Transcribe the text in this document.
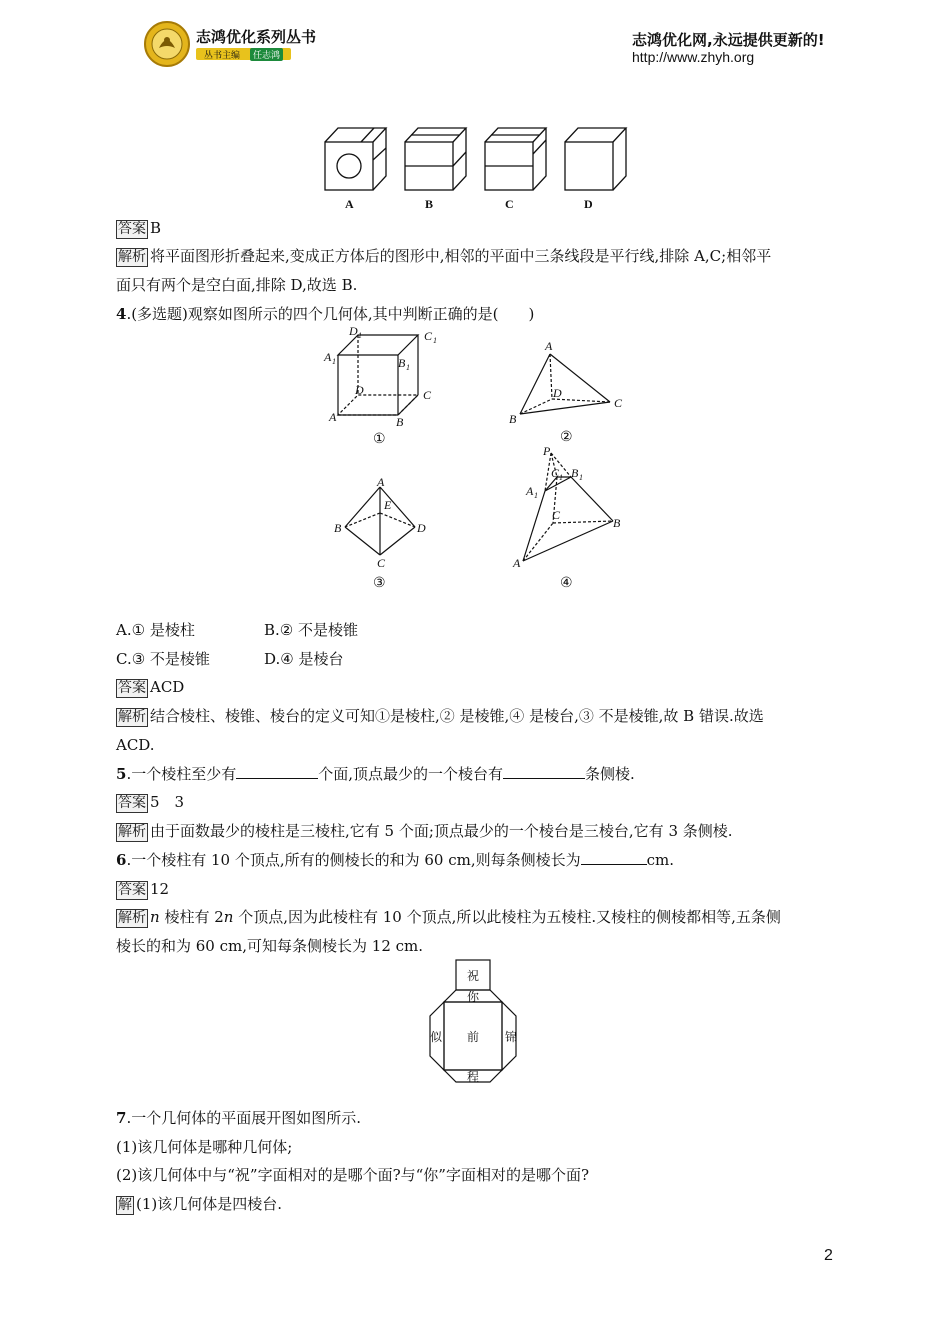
志鸿优化系列丛书
丛书主编	任志鸿
志鸿优化网,永远提供更新的!
http://www.zhyh.org
A	B	C	D
答案 B
解析 将平面图形折叠起来,变成正方体后的图形中,相邻的平面中三条线段是平行线,排除 A,C;相邻平
面只有两个是空白面,排除 D,故选 B.
4.(多选题)观察如图所示的四个几何体,其中判断正确的是(　　)
D 1	C 1
A 1	B 1
D	C
A	B
①
A
D
B
C
②
A
E
B	D
C
③
P
C 1 B 1
A 1
C
B
A
④
A.① 是棱柱	B.② 不是棱锥
C.③ 不是棱锥	D.④ 是棱台
答案 ACD
解析 结合棱柱、棱锥、棱台的定义可知①是棱柱,② 是棱锥,④ 是棱台,③ 不是棱锥,故 B 错误.故选
ACD.
5.一个棱柱至少有	个面,顶点最少的一个棱台有	条侧棱.
答案 5　3
解析 由于面数最少的棱柱是三棱柱,它有 5 个面;顶点最少的一个棱台是三棱台,它有 3 条侧棱.
6.一个棱柱有 10 个顶点,所有的侧棱长的和为 60 cm,则每条侧棱长为	cm.
答案 12
解析 n 棱柱有 2n 个顶点,因为此棱柱有 10 个顶点,所以此棱柱为五棱柱.又棱柱的侧棱都相等,五条侧
棱长的和为 60 cm,可知每条侧棱长为 12 cm.
祝
你
前
似	锦
程
7.一个几何体的平面展开图如图所示.
(1)该几何体是哪种几何体;
(2)该几何体中与“祝”字面相对的是哪个面?与“你”字面相对的是哪个面?
解 (1)该几何体是四棱台.
2
